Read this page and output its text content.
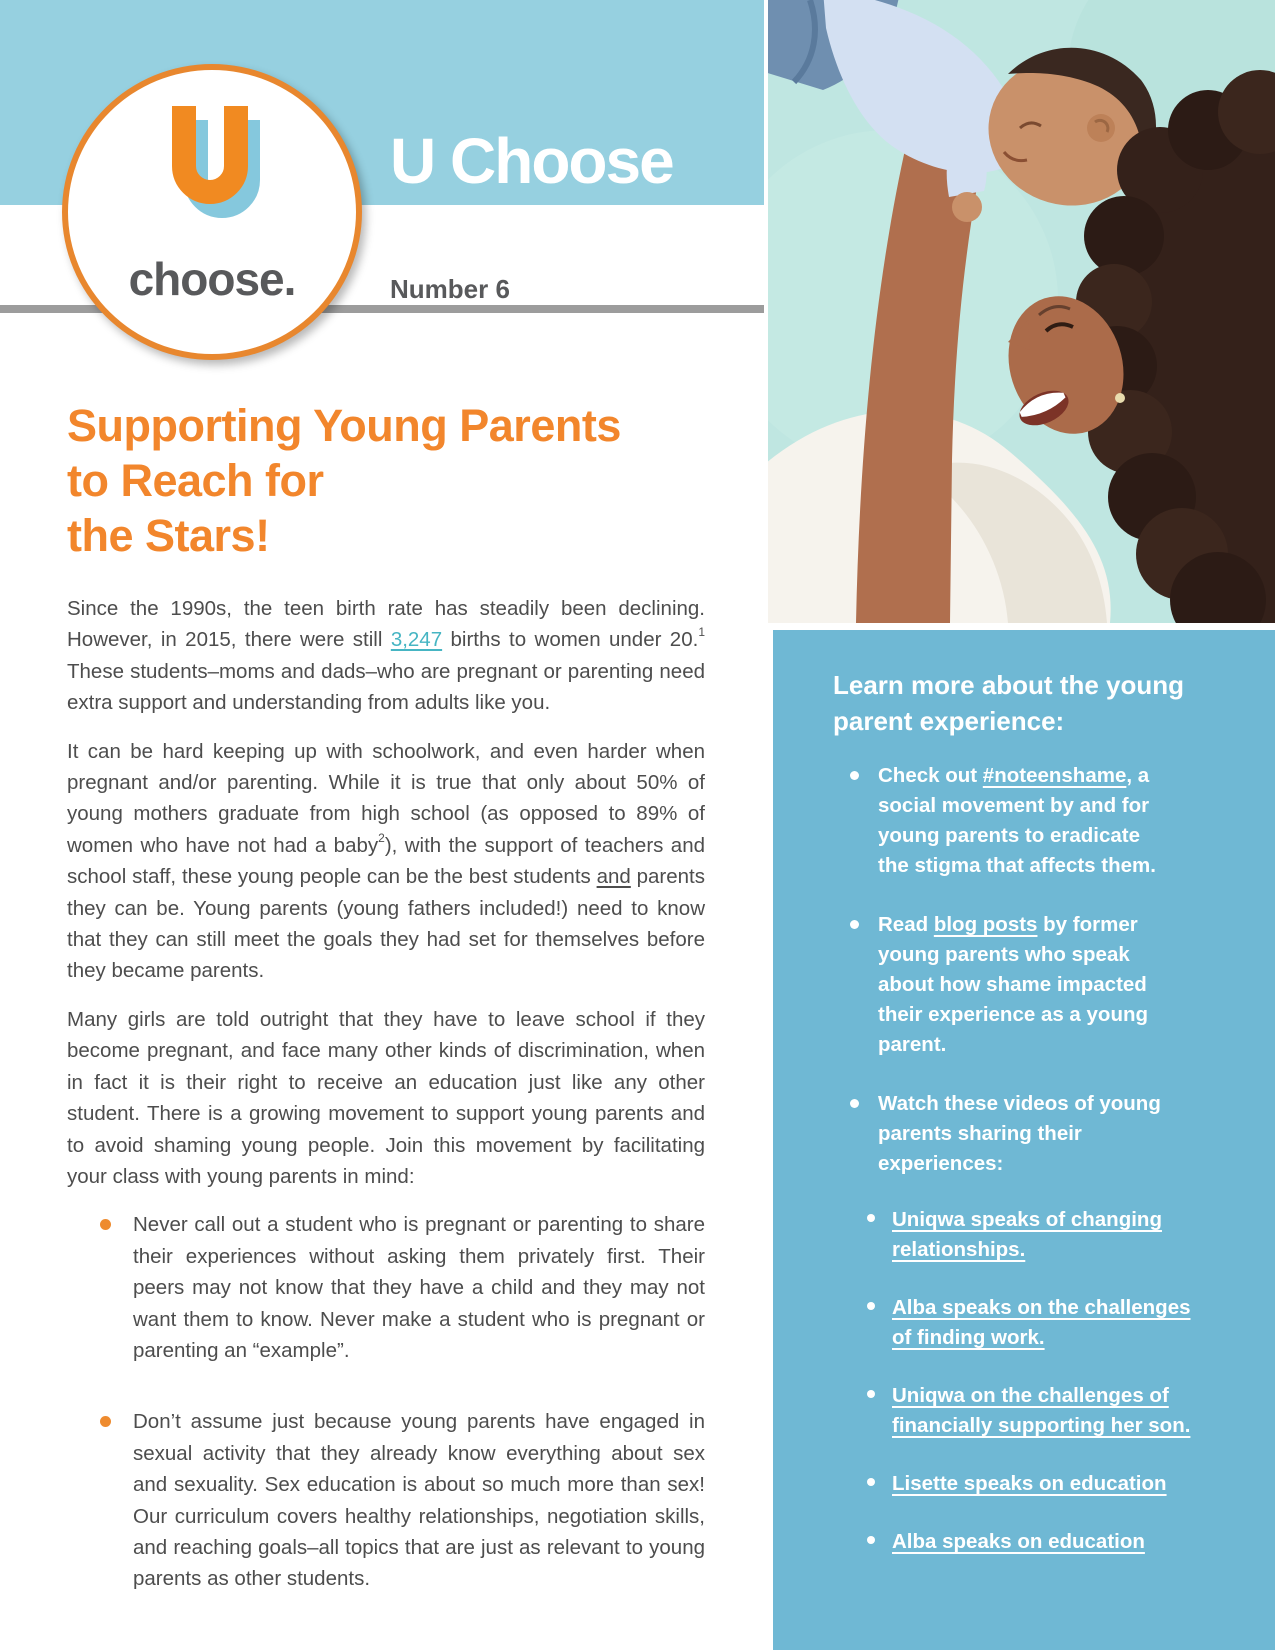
choose.
U Choose
to Know
Number 6
Supporting Young Parents
to Reach for
the Stars!

Since the 1990s, the teen birth rate has steadily been declining. However, in 2015, there were still 3,247 births to women under 20.$^1$ These students–moms and dads–who are pregnant or parenting need extra support and understanding from adults like you.

It can be hard keeping up with schoolwork, and even harder when pregnant and/or parenting. While it is true that only about 50% of young mothers graduate from high school (as opposed to 89% of women who have not had a baby$^2$), with the support of teachers and school staff, these young people can be the best students and parents they can be. Young parents (young fathers included!) need to know that they can still meet the goals they had set for themselves before they became parents.

Many girls are told outright that they have to leave school if they become pregnant, and face many other kinds of discrimination, when in fact it is their right to receive an education just like any other student. There is a growing movement to support young parents and to avoid shaming young people. Join this movement by facilitating your class with young parents in mind:

Never call out a student who is pregnant or parenting to share their experiences without asking them privately first. Their peers may not know that they have a child and they may not want them to know. Never make a student who is pregnant or parenting an “example”.
Don’t assume just because young parents have engaged in sexual activity that they already know everything about sex and sexuality. Sex education is about so much more than sex! Our curriculum covers healthy relationships, negotiation skills, and reaching goals–all topics that are just as relevant to young parents as other students.

Learn more about the young parent experience:

Check out #noteenshame, a social movement by and for young parents to eradicate the stigma that affects them.
Read blog posts by former young parents who speak about how shame impacted their experience as a young parent.
Watch these videos of young parents sharing their experiences:
Uniqwa speaks of changing relationships.
Alba speaks on the challenges of finding work.
Uniqwa on the challenges of financially supporting her son.
Lisette speaks on education
Alba speaks on education
